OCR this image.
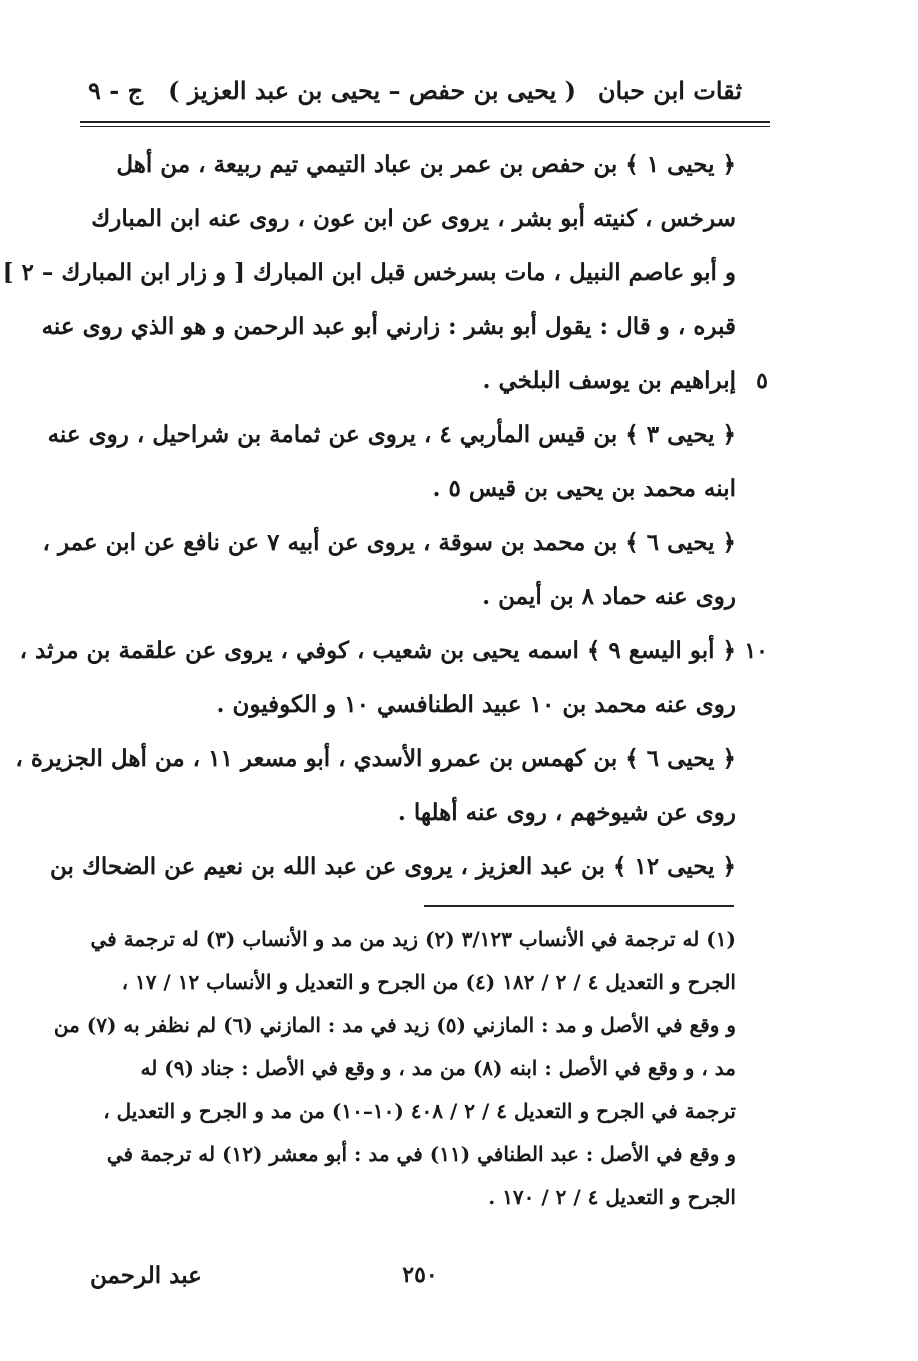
ثقات ابن حبان
( يحيى بن حفص – يحيى بن عبد العزيز )
ج - ٩
﴿ يحيى ١ ﴾ بن حفص بن عمر بن عباد التيمي تيم ربيعة ، من أهل
سرخس ، كنيته أبو بشر ، يروى عن ابن عون ، روى عنه ابن المبارك
و أبو عاصم النبيل ، مات بسرخس قبل ابن المبارك [ و زار ابن المبارك – ٢ ]
قبره ، و قال : يقول أبو بشر : زارني أبو عبد الرحمن و هو الذي روى عنه
٥
إبراهيم بن يوسف البلخي .
﴿ يحيى ٣ ﴾ بن قيس المأربي ٤ ، يروى عن ثمامة بن شراحيل ، روى عنه
ابنه محمد بن يحيى بن قيس ٥ .
﴿ يحيى ٦ ﴾ بن محمد بن سوقة ، يروى عن أبيه ٧ عن نافع عن ابن عمر ،
روى عنه حماد ٨ بن أيمن .
١٠
﴿ أبو اليسع ٩ ﴾ اسمه يحيى بن شعيب ، كوفي ، يروى عن علقمة بن مرثد ،
روى عنه محمد بن ١٠ عبيد الطنافسي ١٠ و الكوفيون .
﴿ يحيى ٦ ﴾ بن كهمس بن عمرو الأسدي ، أبو مسعر ١١ ، من أهل الجزيرة ،
روى عن شيوخهم ، روى عنه أهلها .
﴿ يحيى ١٢ ﴾ بن عبد العزيز ، يروى عن عبد الله بن نعيم عن الضحاك بن
(١) له ترجمة في الأنساب ٣/١٢٣ (٢) زيد من مد و الأنساب (٣) له ترجمة في
الجرح و التعديل ٤ / ٢ / ١٨٢ (٤) من الجرح و التعديل و الأنساب ١٢ / ١٧ ،
و وقع في الأصل و مد : المازني (٥) زيد في مد : المازني (٦) لم نظفر به (٧) من
مد ، و وقع في الأصل : ابنه (٨) من مد ، و وقع في الأصل : جناد (٩) له
ترجمة في الجرح و التعديل ٤ / ٢ / ٤٠٨ (١٠–١٠) من مد و الجرح و التعديل ،
و وقع في الأصل : عبد الطنافي (١١) في مد : أبو معشر (١٢) له ترجمة في
الجرح و التعديل ٤ / ٢ / ١٧٠ .
٢٥٠
عبد الرحمن
